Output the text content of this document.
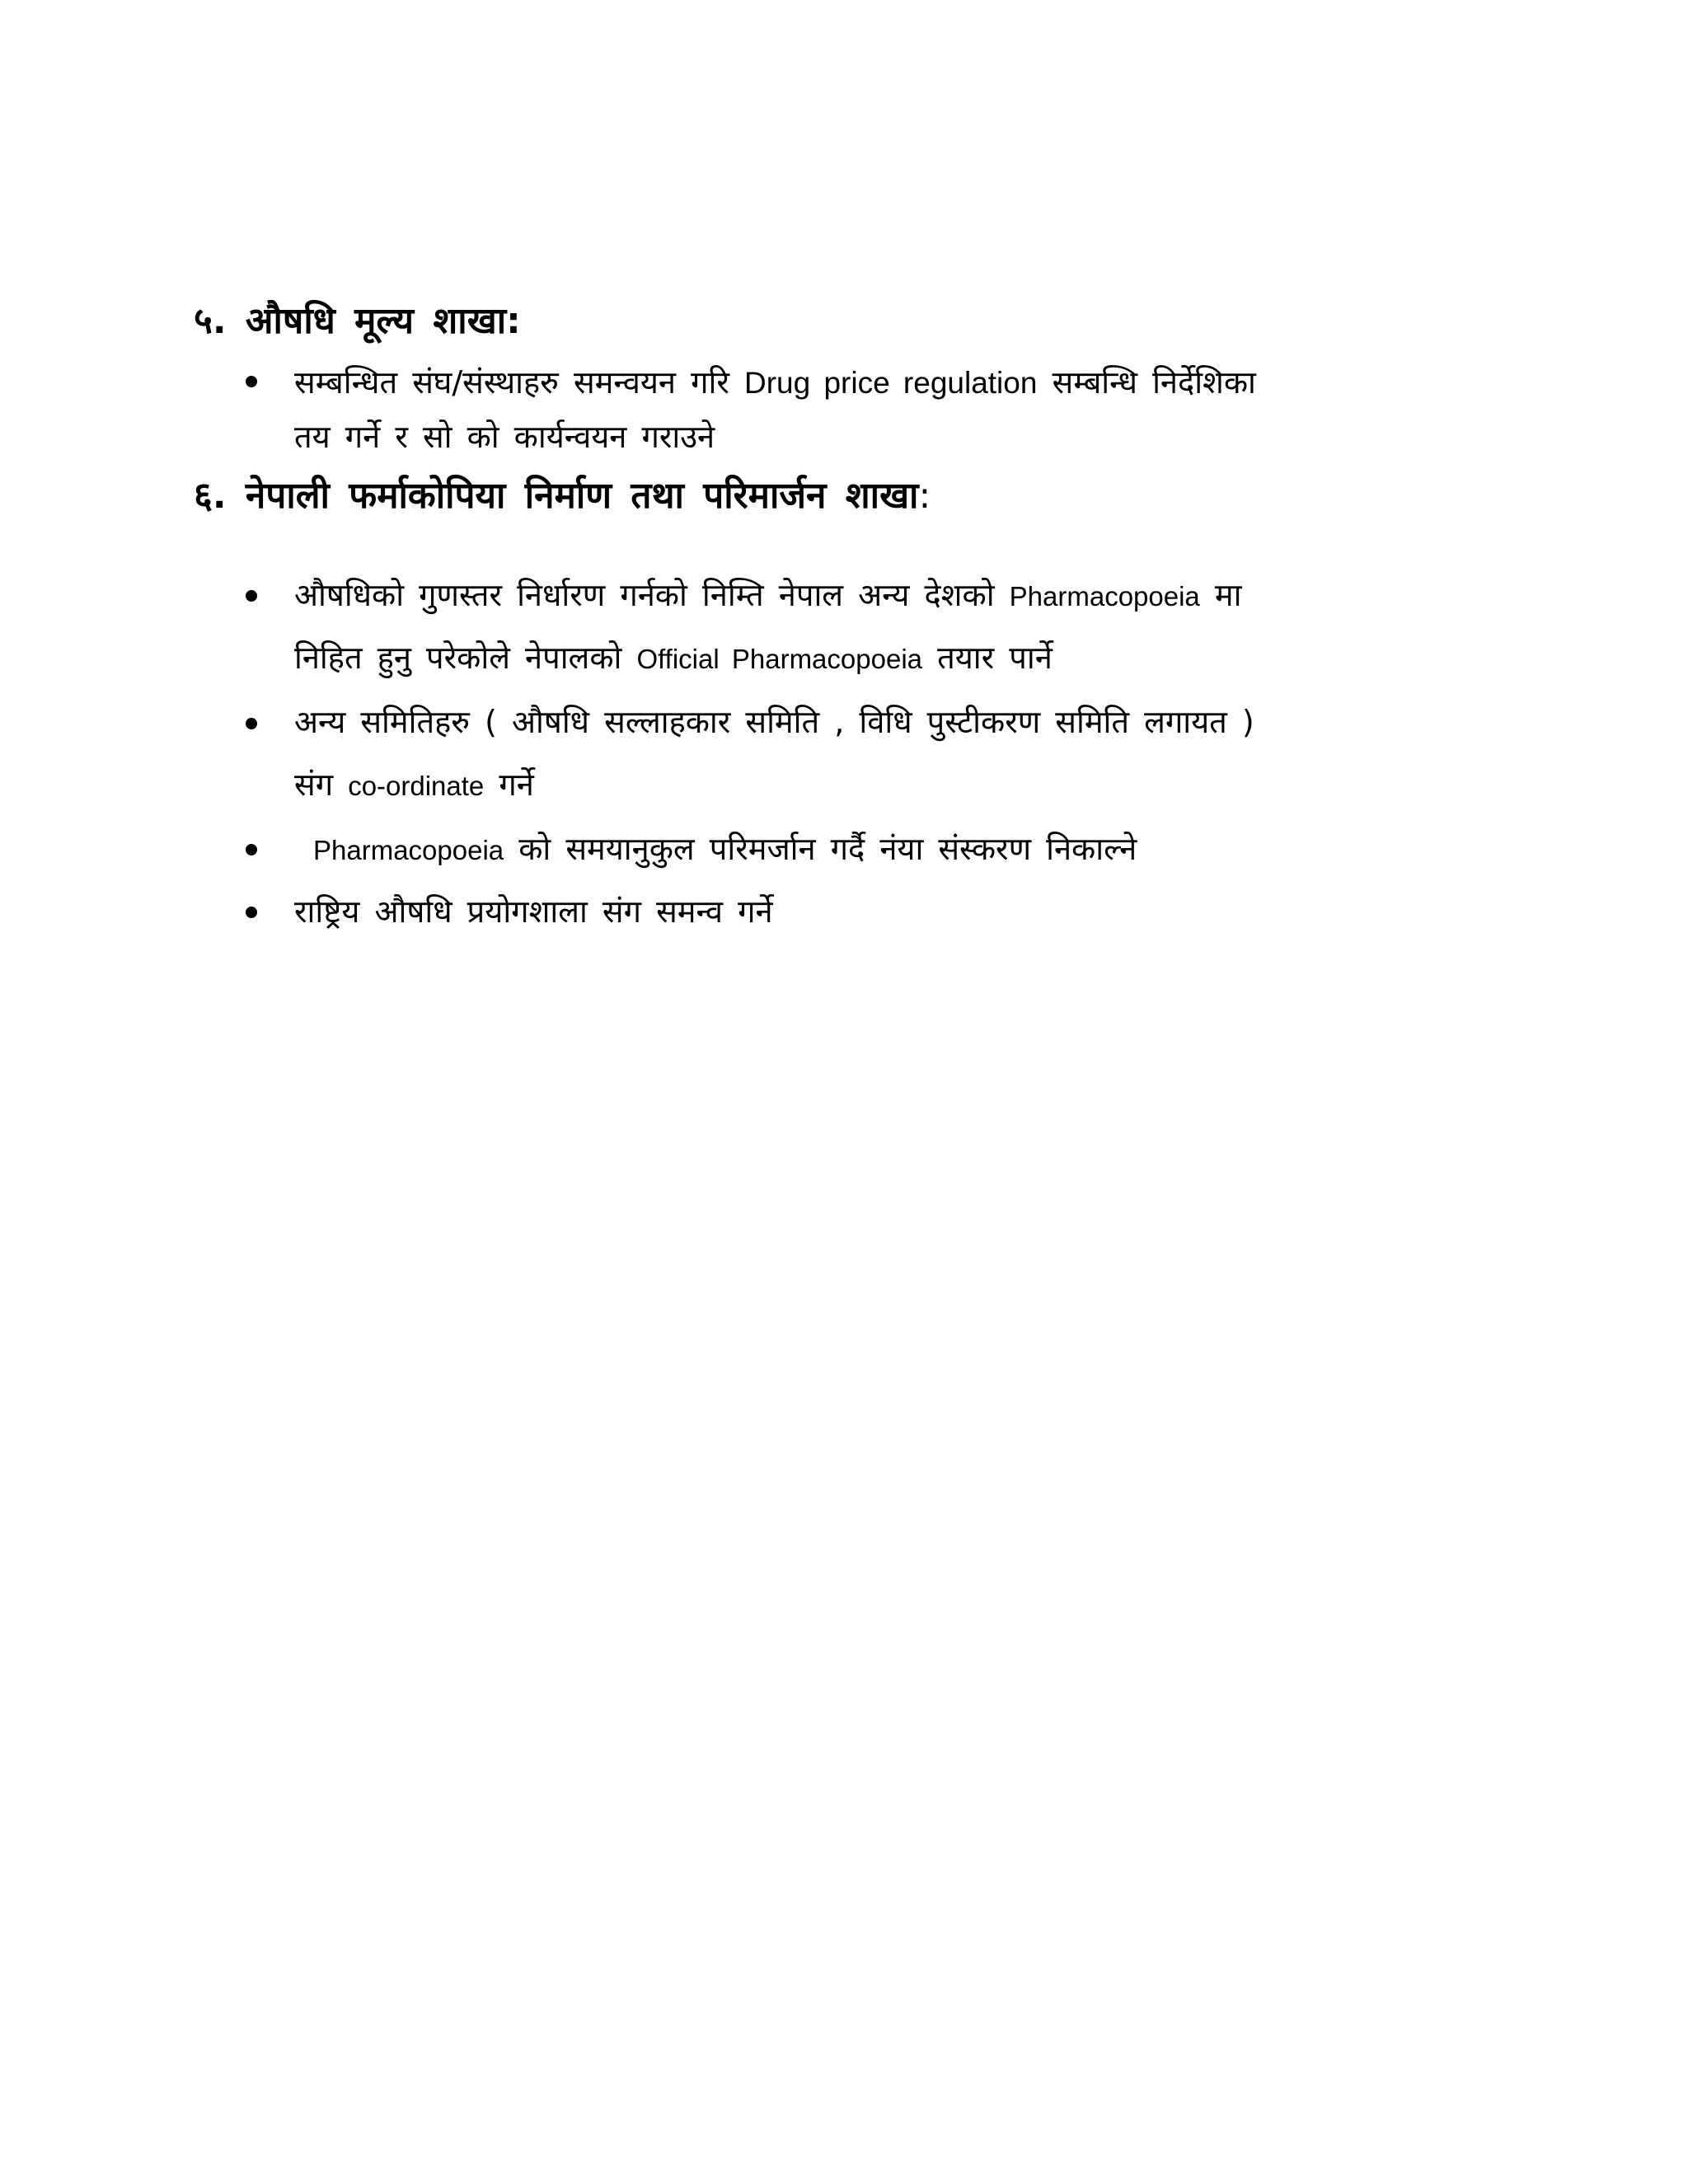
५. औषधि मूल्य शाखा:
सम्बन्धित संघ/संस्थाहरु समन्वयन गरि Drug price regulation सम्बन्धि निर्देशिका
तय गर्ने र सो को कार्यन्वयन गराउने
६. नेपाली फर्माकोपिया निर्माण तथा परिमार्जन शाखा:
औषधिको गुणस्तर निर्धारण गर्नको निम्ति नेपाल अन्य देशको Pharmacopoeia मा
निहित हुनु परेकोले नेपालको Official Pharmacopoeia तयार पार्ने
अन्य समितिहरु ( औषधि सल्लाहकार समिति , विधि पुस्टीकरण समिति लगायत )
संग co-ordinate गर्ने
Pharmacopoeia को समयानुकुल परिमर्जान गर्दै नंया संस्करण निकाल्ने
राष्ट्रिय औषधि प्रयोगशाला संग समन्व गर्ने
